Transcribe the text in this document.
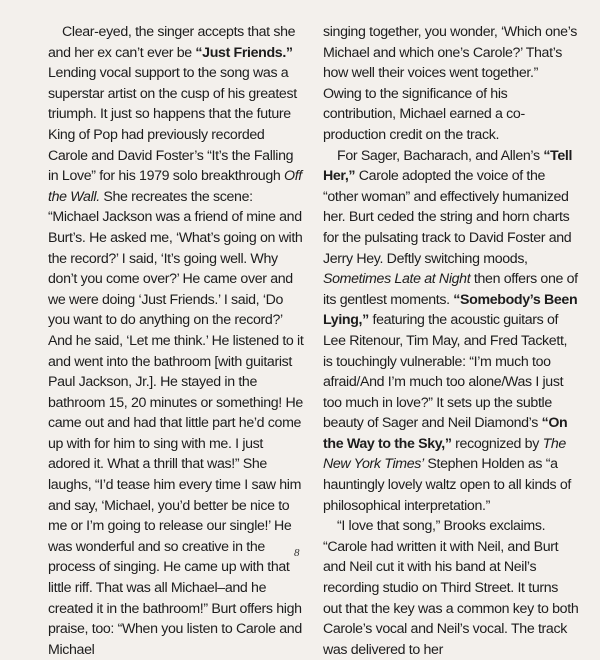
Clear-eyed, the singer accepts that she and her ex can’t ever be “Just Friends.” Lending vocal support to the song was a superstar artist on the cusp of his greatest triumph. It just so happens that the future King of Pop had previously recorded Carole and David Foster’s “It’s the Falling in Love” for his 1979 solo breakthrough Off the Wall. She recreates the scene: “Michael Jackson was a friend of mine and Burt’s. He asked me, ‘What’s going on with the record?’ I said, ‘It’s going well. Why don’t you come over?’ He came over and we were doing ‘Just Friends.’ I said, ‘Do you want to do anything on the record?’ And he said, ‘Let me think.’ He listened to it and went into the bathroom [with guitarist Paul Jackson, Jr.]. He stayed in the bathroom 15, 20 minutes or something! He came out and had that little part he’d come up with for him to sing with me. I just adored it. What a thrill that was!” She laughs, “I’d tease him every time I saw him and say, ‘Michael, you’d better be nice to me or I’m going to release our single!’ He was wonderful and so creative in the process of singing. He came up with that little riff. That was all Michael–and he created it in the bathroom!” Burt offers high praise, too: “When you listen to Carole and Michael

singing together, you wonder, ‘Which one’s Michael and which one’s Carole?’ That’s how well their voices went together.” Owing to the significance of his contribution, Michael earned a co-production credit on the track.

For Sager, Bacharach, and Allen’s “Tell Her,” Carole adopted the voice of the “other woman” and effectively humanized her. Burt ceded the string and horn charts for the pulsating track to David Foster and Jerry Hey. Deftly switching moods, Sometimes Late at Night then offers one of its gentlest moments. “Somebody’s Been Lying,” featuring the acoustic guitars of Lee Ritenour, Tim May, and Fred Tackett, is touchingly vulnerable: “I’m much too afraid/And I’m much too alone/Was I just too much in love?” It sets up the subtle beauty of Sager and Neil Diamond’s “On the Way to the Sky,” recognized by The New York Times’ Stephen Holden as “a hauntingly lovely waltz open to all kinds of philosophical interpretation.”

“I love that song,” Brooks exclaims. “Carole had written it with Neil, and Burt and Neil cut it with his band at Neil’s recording studio on Third Street. It turns out that the key was a common key to both Carole’s vocal and Neil’s vocal. The track was delivered to her

8
